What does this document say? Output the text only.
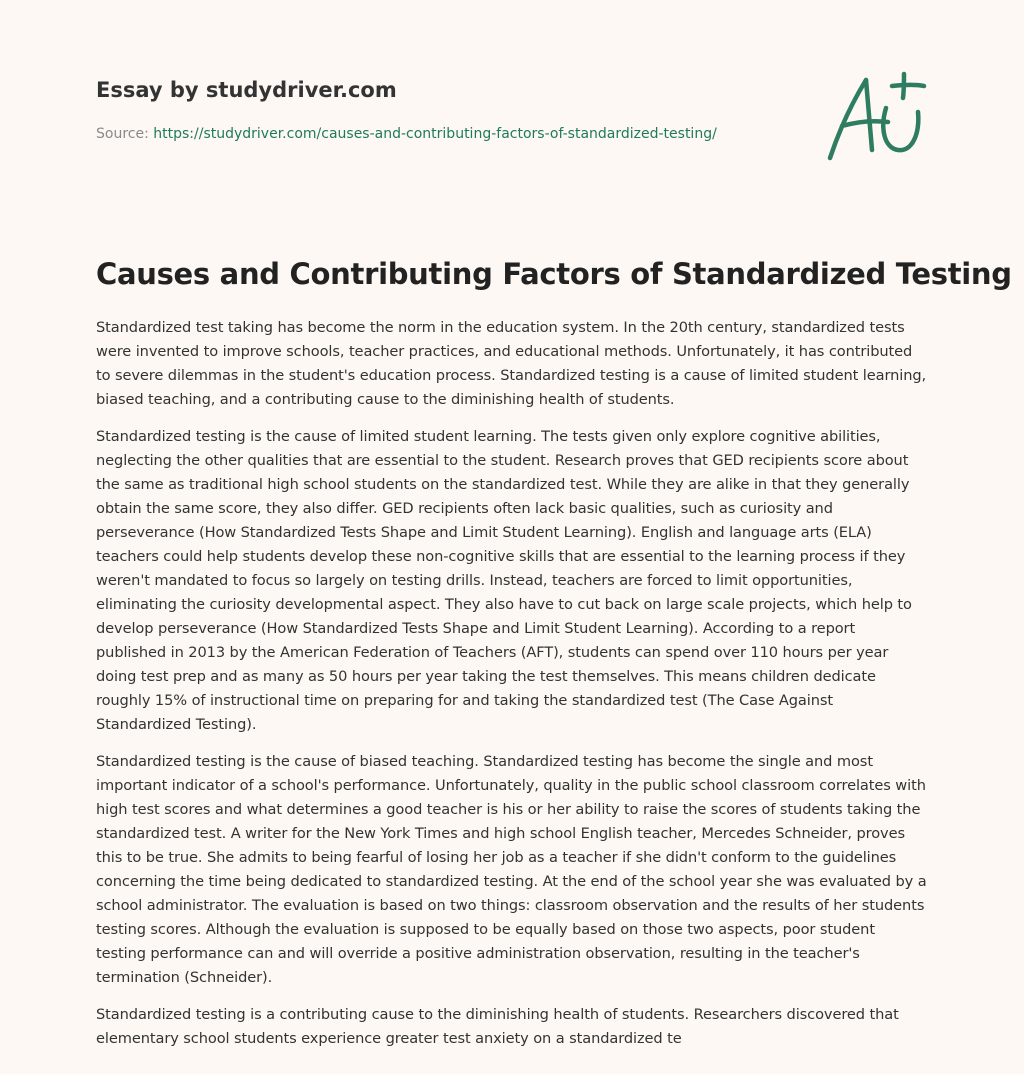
Essay by studydriver.com
Source: https://studydriver.com/causes-and-contributing-factors-of-standardized-testing/
Causes and Contributing Factors of Standardized Testing

Standardized test taking has become the norm in the education system. In the 20th century, standardized tests were invented to improve schools, teacher practices, and educational methods. Unfortunately, it has contributed to severe dilemmas in the student's education process. Standardized testing is a cause of limited student learning, biased teaching, and a contributing cause to the diminishing health of students.

Standardized testing is the cause of limited student learning. The tests given only explore cognitive abilities, neglecting the other qualities that are essential to the student. Research proves that GED recipients score about the same as traditional high school students on the standardized test. While they are alike in that they generally obtain the same score, they also differ. GED recipients often lack basic qualities, such as curiosity and perseverance (How Standardized Tests Shape and Limit Student Learning). English and language arts (ELA) teachers could help students develop these non-cognitive skills that are essential to the learning process if they weren't mandated to focus so largely on testing drills. Instead, teachers are forced to limit opportunities, eliminating the curiosity developmental aspect. They also have to cut back on large scale projects, which help to develop perseverance (How Standardized Tests Shape and Limit Student Learning). According to a report published in 2013 by the American Federation of Teachers (AFT), students can spend over 110 hours per year doing test prep and as many as 50 hours per year taking the test themselves. This means children dedicate roughly 15% of instructional time on preparing for and taking the standardized test (The Case Against Standardized Testing).

Standardized testing is the cause of biased teaching. Standardized testing has become the single and most important indicator of a school's performance. Unfortunately, quality in the public school classroom correlates with high test scores and what determines a good teacher is his or her ability to raise the scores of students taking the standardized test. A writer for the New York Times and high school English teacher, Mercedes Schneider, proves this to be true. She admits to being fearful of losing her job as a teacher if she didn't conform to the guidelines concerning the time being dedicated to standardized testing. At the end of the school year she was evaluated by a school administrator. The evaluation is based on two things: classroom observation and the results of her students testing scores. Although the evaluation is supposed to be equally based on those two aspects, poor student testing performance can and will override a positive administration observation, resulting in the teacher's termination (Schneider).

Standardized testing is a contributing cause to the diminishing health of students. Researchers discovered that elementary school students experience greater test anxiety on a standardized te
